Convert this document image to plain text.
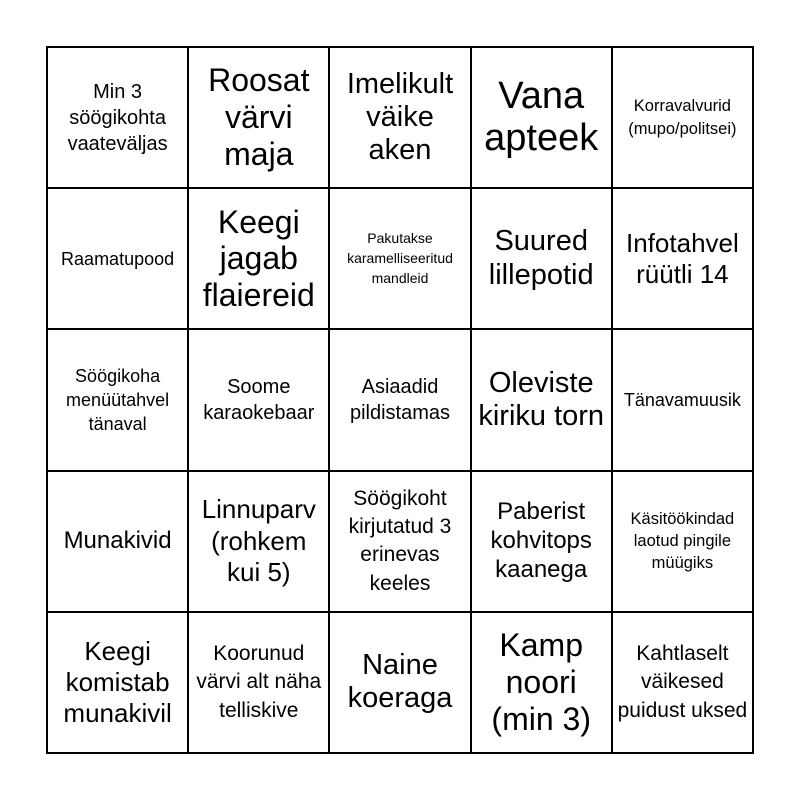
Min 3 söögikohta vaateväljas
Roosat värvi maja
Imelikult väike aken
Vana apteek
Korravalvurid (mupo/politsei)
Raamatupood
Keegi jagab flaiereid
Pakutakse karamelliseeritud mandleid
Suured lillepotid
Infotahvel rüütli 14
Söögikoha menüütahvel tänaval
Soome karaokebaar
Asiaadid pildistamas
Oleviste kiriku torn
Tänavamuusik
Munakivid
Linnuparv (rohkem kui 5)
Söögikoht kirjutatud 3 erinevas keeles
Paberist kohvitops kaanega
Käsitöökindad laotud pingile müügiks
Keegi komistab munakivil
Koorunud värvi alt näha telliskive
Naine koeraga
Kamp noori (min 3)
Kahtlaselt väikesed puidust uksed
